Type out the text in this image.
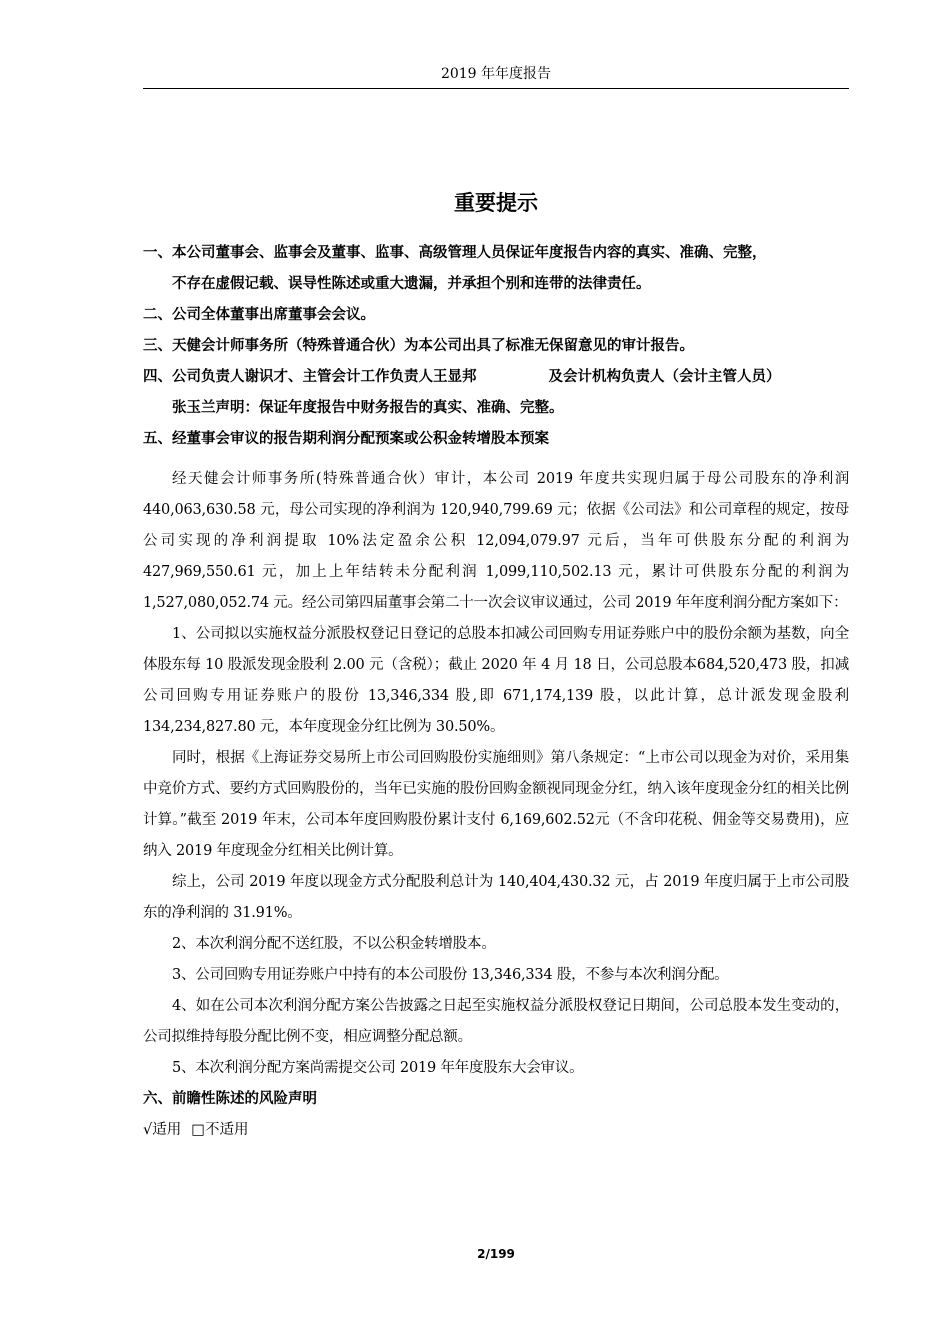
2019 年年度报告
重要提示

一、本公司董事会、监事会及董事、监事、高级管理人员保证年度报告内容的真实、准确、完整，
不存在虚假记载、误导性陈述或重大遗漏，并承担个别和连带的法律责任。

二、公司全体董事出席董事会会议。

三、天健会计师事务所（特殊普通合伙）为本公司出具了标准无保留意见的审计报告。

四、公司负责人谢识才、主管会计工作负责人王显邦	及会计机构负责人（会计主管人员）
张玉兰声明：保证年度报告中财务报告的真实、准确、完整。

五、经董事会审议的报告期利润分配预案或公积金转增股本预案

经天健会计师事务所(特殊普通合伙）审计，本公司 2019 年度共实现归属于母公司股东的净利润 440,063,630.58 元，母公司实现的净利润为 120,940,799.69 元；依据《公司法》和公司章程的规定，按母公司实现的净利润提取 10%法定盈余公积 12,094,079.97 元后，当年可供股东分配的利润为 427,969,550.61 元，加上上年结转未分配利润 1,099,110,502.13 元，累计可供股东分配的利润为 1,527,080,052.74 元。经公司第四届董事会第二十一次会议审议通过，公司 2019 年年度利润分配方案如下：

1、公司拟以实施权益分派股权登记日登记的总股本扣减公司回购专用证券账户中的股份余额为基数，向全体股东每 10 股派发现金股利 2.00 元（含税）；截止 2020 年 4 月 18 日，公司总股本684,520,473 股，扣减公司回购专用证券账户的股份 13,346,334 股,即 671,174,139 股，以此计算，总计派发现金股利 134,234,827.80 元，本年度现金分红比例为 30.50%。

同时，根据《上海证券交易所上市公司回购股份实施细则》第八条规定：“上市公司以现金为对价，采用集中竞价方式、要约方式回购股份的，当年已实施的股份回购金额视同现金分红，纳入该年度现金分红的相关比例计算。”截至 2019 年末，公司本年度回购股份累计支付 6,169,602.52元（不含印花税、佣金等交易费用)，应纳入 2019 年度现金分红相关比例计算。

综上，公司 2019 年度以现金方式分配股利总计为 140,404,430.32 元，占 2019 年度归属于上市公司股东的净利润的 31.91%。

2、本次利润分配不送红股，不以公积金转增股本。

3、公司回购专用证券账户中持有的本公司股份 13,346,334 股，不参与本次利润分配。

4、如在公司本次利润分配方案公告披露之日起至实施权益分派股权登记日期间，公司总股本发生变动的，公司拟维持每股分配比例不变，相应调整分配总额。

5、本次利润分配方案尚需提交公司 2019 年年度股东大会审议。

六、前瞻性陈述的风险声明

√适用 □不适用

2/199
